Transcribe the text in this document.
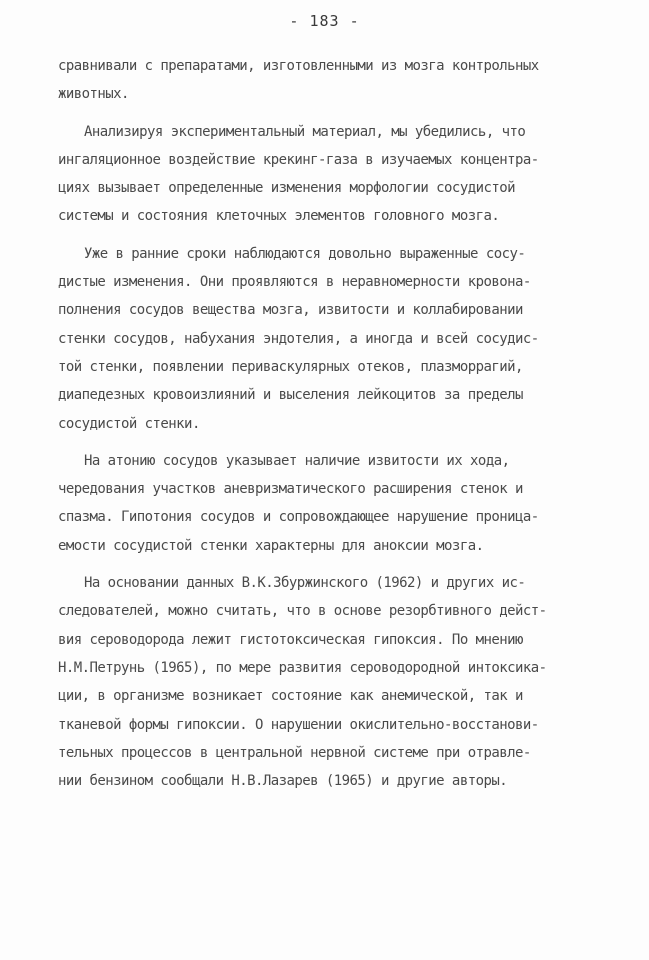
- 183 -
сравнивали с препаратами, изготовленными из мозга контрольных
животных.
Анализируя экспериментальный материал, мы убедились, что
ингаляционное воздействие крекинг-газа в изучаемых концентра-
циях вызывает определенные изменения морфологии сосудистой
системы и состояния клеточных элементов головного мозга.
Уже в ранние сроки наблюдаются довольно выраженные сосу-
дистые изменения. Они проявляются в неравномерности кровона-
полнения сосудов вещества мозга, извитости и коллабировании
стенки сосудов, набухания эндотелия, а иногда и всей сосудис-
той стенки, появлении периваскулярных отеков, плазморрагий,
диапедезных кровоизлияний и выселения лейкоцитов за пределы
сосудистой стенки.
На атонию сосудов указывает наличие извитости их хода,
чередования участков аневризматического расширения стенок и
спазма. Гипотония сосудов и сопровождающее нарушение проница-
емости сосудистой стенки характерны для аноксии мозга.
На основании данных В.К.Збуржинского (1962) и других ис-
следователей, можно считать, что в основе резорбтивного дейст-
вия сероводорода лежит гистотоксическая гипоксия. По мнению
Н.М.Петрунь (1965), по мере развития сероводородной интоксика-
ции, в организме возникает состояние как анемической, так и
тканевой формы гипоксии. О нарушении окислительно-восстанови-
тельных процессов в центральной нервной системе при отравле-
нии бензином сообщали Н.В.Лазарев (1965) и другие авторы.
